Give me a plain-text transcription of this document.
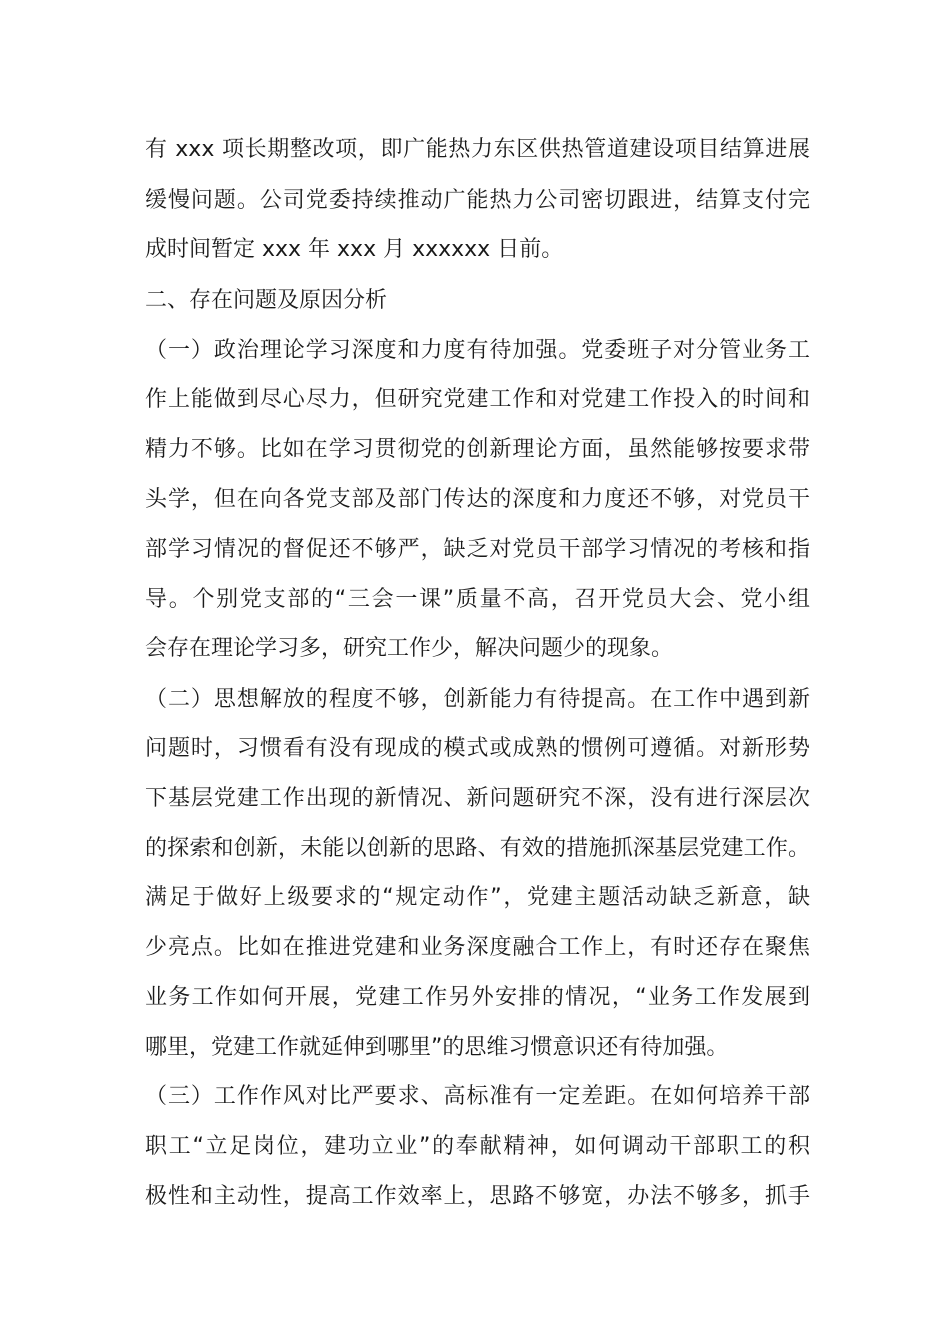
有 xxx 项长期整改项，即广能热力东区供热管道建设项目结算进展
缓慢问题。公司党委持续推动广能热力公司密切跟进，结算支付完
成时间暂定 xxx 年 xxx 月 xxxxxx 日前。
二、存在问题及原因分析
（一）政治理论学习深度和力度有待加强。党委班子对分管业务工
作上能做到尽心尽力，但研究党建工作和对党建工作投入的时间和
精力不够。比如在学习贯彻党的创新理论方面，虽然能够按要求带
头学，但在向各党支部及部门传达的深度和力度还不够，对党员干
部学习情况的督促还不够严，缺乏对党员干部学习情况的考核和指
导。个别党支部的“三会一课”质量不高，召开党员大会、党小组
会存在理论学习多，研究工作少，解决问题少的现象。
（二）思想解放的程度不够，创新能力有待提高。在工作中遇到新
问题时，习惯看有没有现成的模式或成熟的惯例可遵循。对新形势
下基层党建工作出现的新情况、新问题研究不深，没有进行深层次
的探索和创新，未能以创新的思路、有效的措施抓深基层党建工作。
满足于做好上级要求的“规定动作”，党建主题活动缺乏新意，缺
少亮点。比如在推进党建和业务深度融合工作上，有时还存在聚焦
业务工作如何开展，党建工作另外安排的情况，“业务工作发展到
哪里，党建工作就延伸到哪里”的思维习惯意识还有待加强。
（三）工作作风对比严要求、高标准有一定差距。在如何培养干部
职工“立足岗位，建功立业”的奉献精神，如何调动干部职工的积
极性和主动性，提高工作效率上，思路不够宽，办法不够多，抓手
